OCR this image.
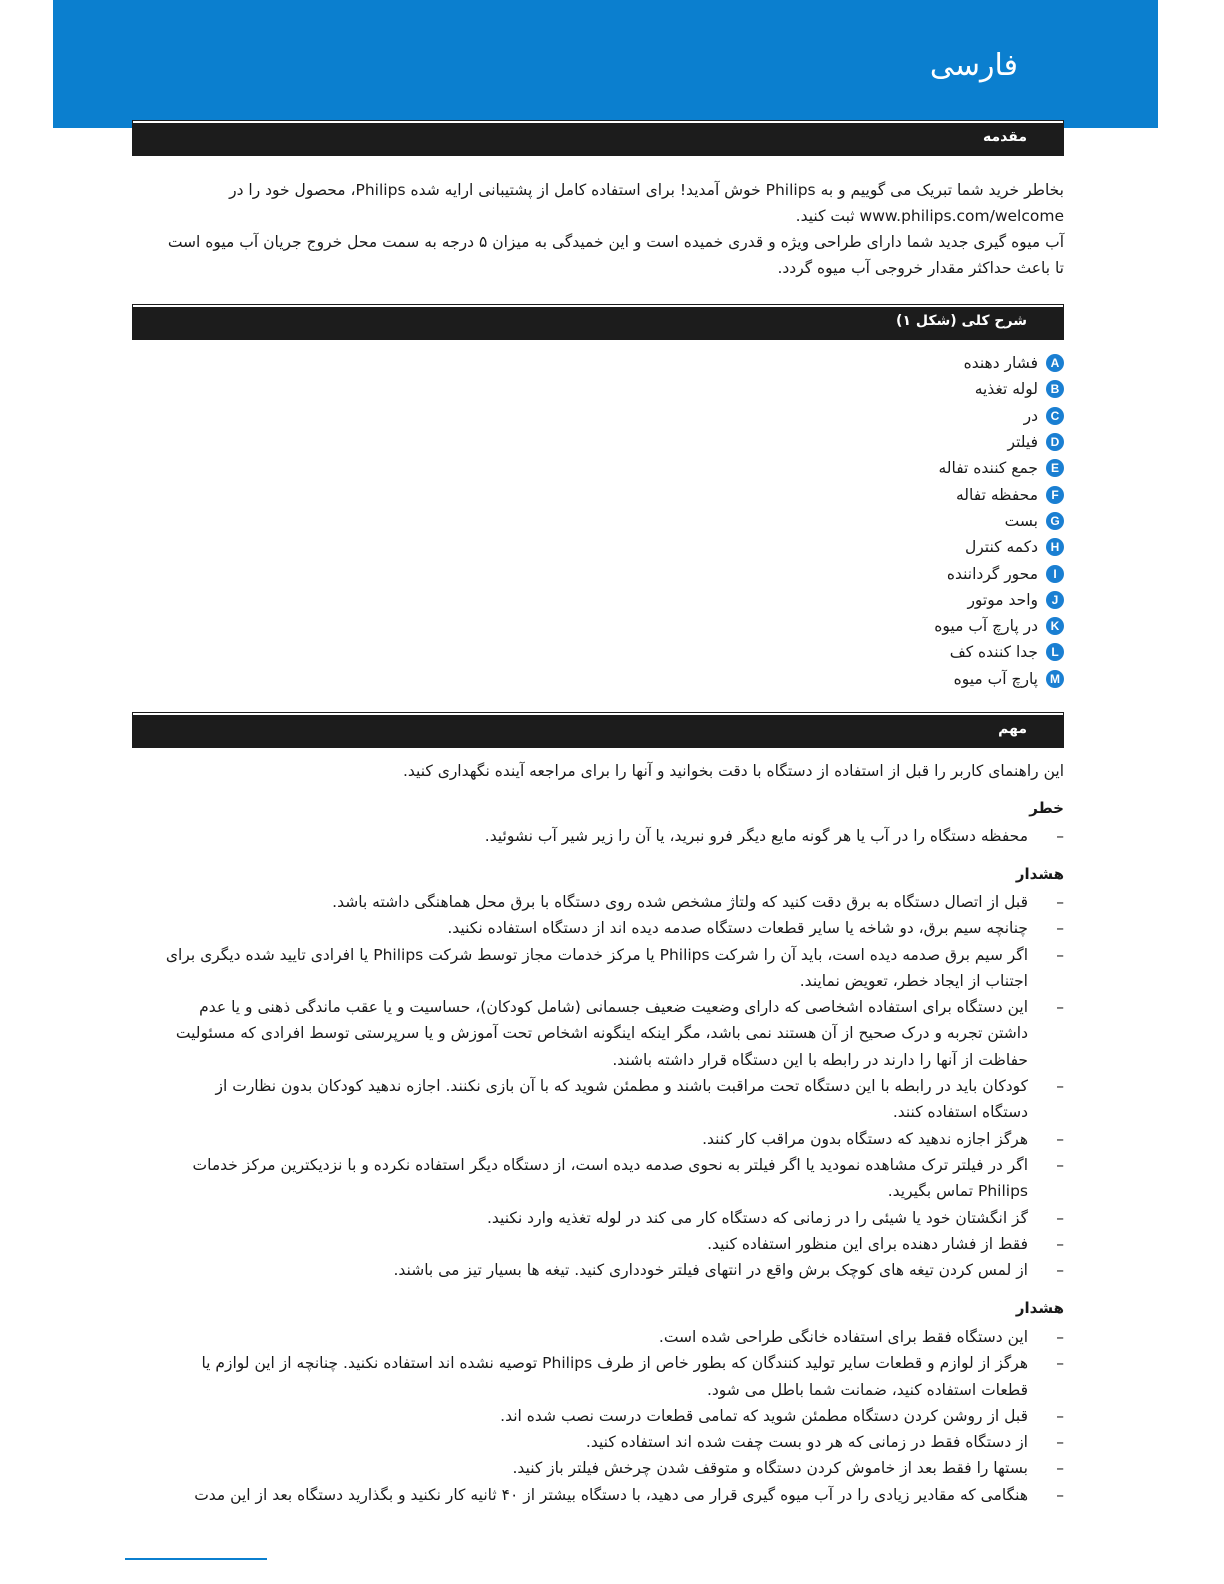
فارسی
مقدمه
بخاطر خرید شما تبریک می گوییم و به Philips خوش آمدید! برای استفاده کامل از پشتیبانی ارایه شده Philips، محصول خود را در
www.philips.com/welcome ثبت کنید.
آب میوه گیری جدید شما دارای طراحی ویژه و قدری خمیده است و این خمیدگی به میزان ۵ درجه به سمت محل خروج جریان آب میوه است
تا باعث حداکثر مقدار خروجی آب میوه گردد.
شرح کلی (شکل ۱)
A
فشار دهنده
B
لوله تغذیه
C
در
D
فیلتر
E
جمع کننده تفاله
F
محفظه تفاله
G
بست
H
دکمه کنترل
I
محور گرداننده
J
واحد موتور
K
در پارچ آب میوه
L
جدا کننده کف
M
پارچ آب میوه
مهم
این راهنمای کاربر را قبل از استفاده از دستگاه با دقت بخوانید و آنها را برای مراجعه آینده نگهداری کنید.
خطر
–
محفظه دستگاه را در آب یا هر گونه مایع دیگر فرو نبرید، یا آن را زیر شیر آب نشوئید.
هشدار
–
قبل از اتصال دستگاه به برق دقت کنید که ولتاژ مشخص شده روی دستگاه با برق محل هماهنگی داشته باشد.
–
چنانچه سیم برق، دو شاخه یا سایر قطعات دستگاه صدمه دیده اند از دستگاه استفاده نکنید.
–
اگر سیم برق صدمه دیده است، باید آن را شرکت Philips یا مرکز خدمات مجاز توسط شرکت Philips یا افرادی تایید شده دیگری برای
اجتناب از ایجاد خطر، تعویض نمایند.
–
این دستگاه برای استفاده اشخاصی که دارای وضعیت ضعیف جسمانی (شامل کودکان)، حساسیت و یا عقب ماندگی ذهنی و یا عدم
داشتن تجربه و درک صحیح از آن هستند نمی باشد، مگر اینکه اینگونه اشخاص تحت آموزش و یا سرپرستی توسط افرادی که مسئولیت
حفاظت از آنها را دارند در رابطه با این دستگاه قرار داشته باشند.
–
کودکان باید در رابطه با این دستگاه تحت مراقبت باشند و مطمئن شوید که با آن بازی نکنند. اجازه ندهید کودکان بدون نظارت از
دستگاه استفاده کنند.
–
هرگز اجازه ندهید که دستگاه بدون مراقب کار کنند.
–
اگر در فیلتر ترک مشاهده نمودید یا اگر فیلتر به نحوی صدمه دیده است، از دستگاه دیگر استفاده نکرده و با نزدیکترین مرکز خدمات
Philips تماس بگیرید.
–
گز انگشتان خود یا شیئی را در زمانی که دستگاه کار می کند در لوله تغذیه وارد نکنید.
–
فقط از فشار دهنده برای این منظور استفاده کنید.
–
از لمس کردن تیغه های کوچک برش واقع در انتهای فیلتر خودداری کنید. تیغه ها بسیار تیز می باشند.
هشدار
–
این دستگاه فقط برای استفاده خانگی طراحی شده است.
–
هرگز از لوازم و قطعات سایر تولید کنندگان که بطور خاص از طرف Philips توصیه نشده اند استفاده نکنید. چنانچه از این لوازم یا
قطعات استفاده کنید، ضمانت شما باطل می شود.
–
قبل از روشن کردن دستگاه مطمئن شوید که تمامی قطعات درست نصب شده اند.
–
از دستگاه فقط در زمانی که هر دو بست چفت شده اند استفاده کنید.
–
بستها را فقط بعد از خاموش کردن دستگاه و متوقف شدن چرخش فیلتر باز کنید.
–
هنگامی که مقادیر زیادی را در آب میوه گیری قرار می دهید، با دستگاه بیشتر از ۴۰ ثانیه کار نکنید و بگذارید دستگاه بعد از این مدت
